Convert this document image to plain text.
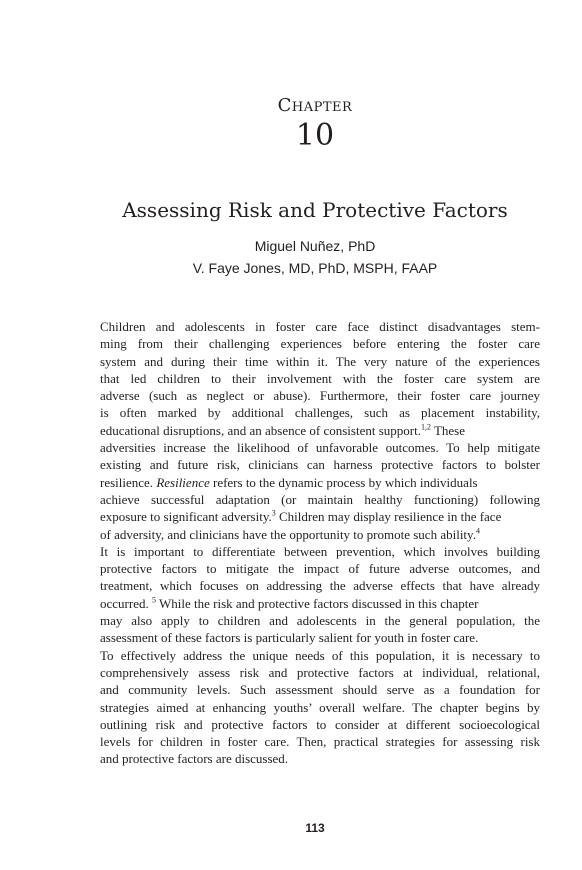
Chapter
10
Assessing Risk and Protective Factors
Miguel Nuñez, PhD
V. Faye Jones, MD, PhD, MSPH, FAAP
Children and adolescents in foster care face distinct disadvantages stem-
ming from their challenging experiences before entering the foster care
system and during their time within it. The very nature of the experiences
that led children to their involvement with the foster care system are
adverse (such as neglect or abuse). Furthermore, their foster care journey
is often marked by additional challenges, such as placement instability,
educational disruptions, and an absence of consistent support.$^{1,2}$ These
adversities increase the likelihood of unfavorable outcomes. To help mitigate
existing and future risk, clinicians can harness protective factors to bolster
resilience. Resilience refers to the dynamic process by which individuals
achieve successful adaptation (or maintain healthy functioning) following
exposure to significant adversity.$^3$ Children may display resilience in the face
of adversity, and clinicians have the opportunity to promote such ability.$^4$
It is important to differentiate between prevention, which involves building
protective factors to mitigate the impact of future adverse outcomes, and
treatment, which focuses on addressing the adverse effects that have already
occurred. $^5$ While the risk and protective factors discussed in this chapter
may also apply to children and adolescents in the general population, the
assessment of these factors is particularly salient for youth in foster care.
To effectively address the unique needs of this population, it is necessary to
comprehensively assess risk and protective factors at individual, relational,
and community levels. Such assessment should serve as a foundation for
strategies aimed at enhancing youths’ overall welfare. The chapter begins by
outlining risk and protective factors to consider at different socioecological
levels for children in foster care. Then, practical strategies for assessing risk
and protective factors are discussed.
113
